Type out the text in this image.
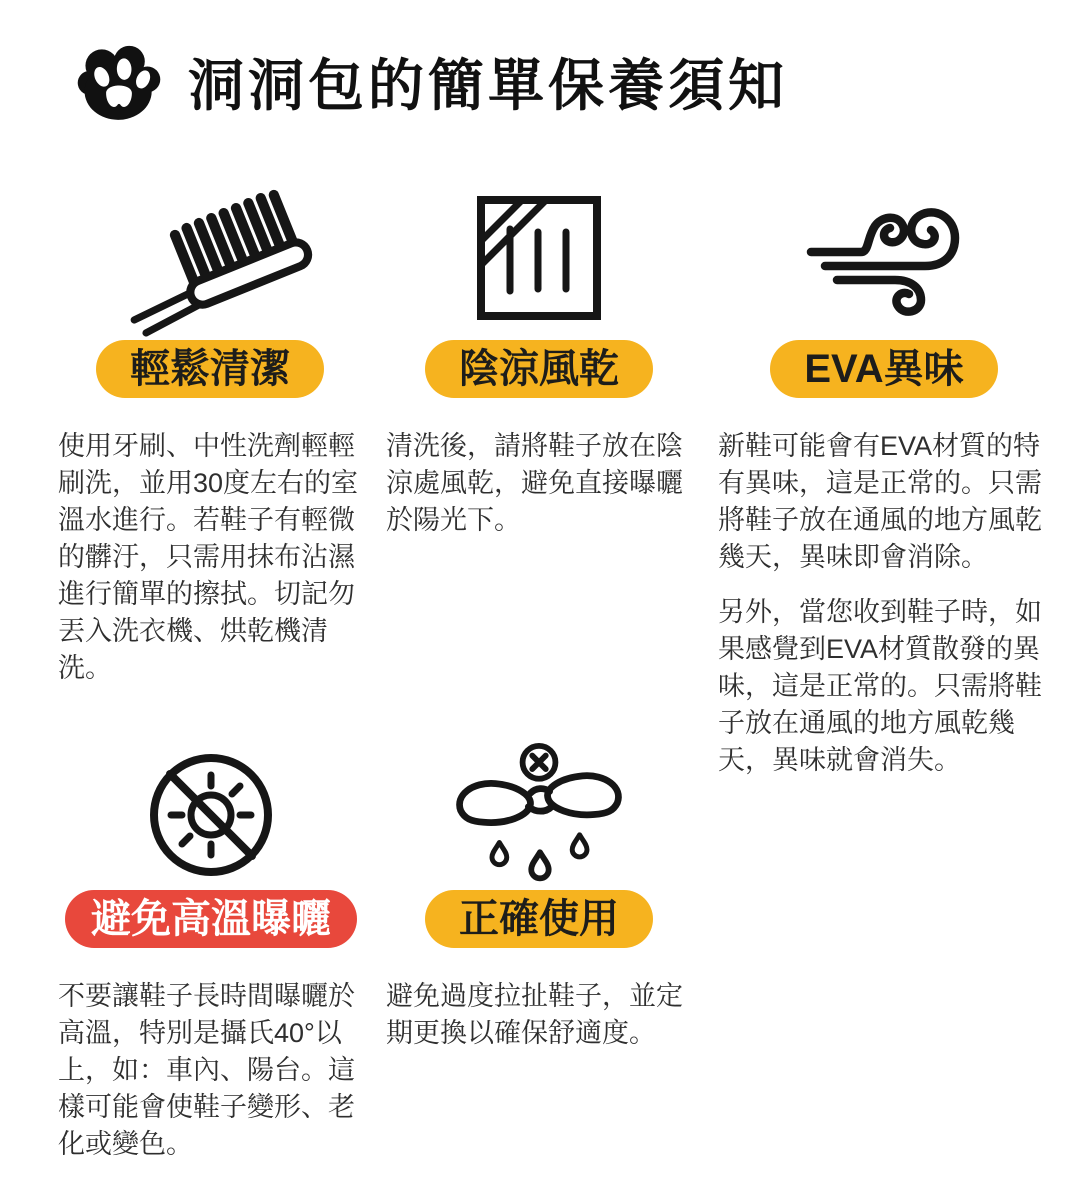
洞洞包的簡單保養須知
輕鬆清潔

使用牙刷、中性洗劑輕輕刷洗，並用30度左右的室溫水進行。若鞋子有輕微的髒汙，只需用抹布沾濕進行簡單的擦拭。切記勿丟入洗衣機、烘乾機清洗。

陰涼風乾

清洗後，請將鞋子放在陰涼處風乾，避免直接曝曬於陽光下。

EVA異味

新鞋可能會有EVA材質的特有異味，這是正常的。只需將鞋子放在通風的地方風乾幾天，異味即會消除。

另外，當您收到鞋子時，如果感覺到EVA材質散發的異味，這是正常的。只需將鞋子放在通風的地方風乾幾天，異味就會消失。

避免高溫曝曬

不要讓鞋子長時間曝曬於高溫，特別是攝氏40°以上，如：車內、陽台。這樣可能會使鞋子變形、老化或變色。

正確使用

避免過度拉扯鞋子，並定期更換以確保舒適度。
